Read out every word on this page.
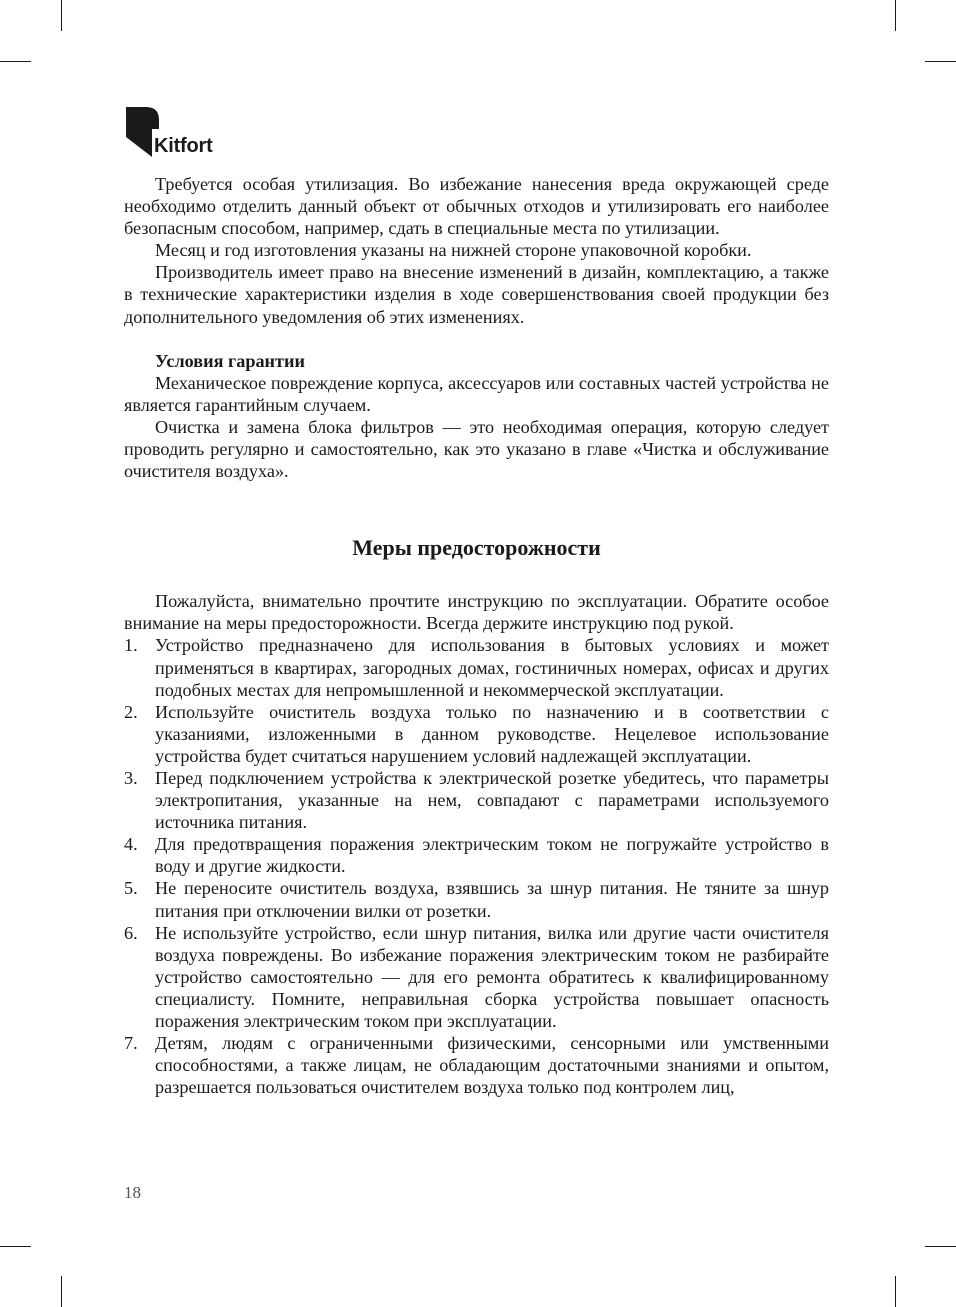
Kitfort

Требуется особая утилизация. Во избежание нанесения вреда окружающей среде необходимо отделить данный объект от обычных отходов и утилизировать его наиболее безопасным способом, например, сдать в специальные места по утилизации.

Месяц и год изготовления указаны на нижней стороне упаковочной коробки.

Производитель имеет право на внесение изменений в дизайн, комплектацию, а также в технические характеристики изделия в ходе совершенствования своей продукции без дополнительного уведомления об этих изменениях.

Условия гарантии

Механическое повреждение корпуса, аксессуаров или составных частей устройства не является гарантийным случаем.

Очистка и замена блока фильтров — это необходимая операция, которую следует проводить регулярно и самостоятельно, как это указано в главе «Чистка и обслуживание очистителя воздуха».

Меры предосторожности

Пожалуйста, внимательно прочтите инструкцию по эксплуатации. Обратите особое внимание на меры предосторожности. Всегда держите инструкцию под рукой.

1. Устройство предназначено для использования в бытовых условиях и может применяться в квартирах, загородных домах, гостиничных номерах, офисах и других подобных местах для непромышленной и некоммерческой эксплуатации.
2. Используйте очиститель воздуха только по назначению и в соответствии с указаниями, изложенными в данном руководстве. Нецелевое использование устройства будет считаться нарушением условий надлежащей эксплуатации.
3. Перед подключением устройства к электрической розетке убедитесь, что параметры электропитания, указанные на нем, совпадают с параметрами используемого источника питания.
4. Для предотвращения поражения электрическим током не погружайте устройство в воду и другие жидкости.
5. Не переносите очиститель воздуха, взявшись за шнур питания. Не тяните за шнур питания при отключении вилки от розетки.
6. Не используйте устройство, если шнур питания, вилка или другие части очистителя воздуха повреждены. Во избежание поражения электрическим током не разбирайте устройство самостоятельно — для его ремонта обратитесь к квалифицированному специалисту. Помните, неправильная сборка устройства повышает опасность поражения электрическим током при эксплуатации.
7. Детям, людям с ограниченными физическими, сенсорными или умственными способностями, а также лицам, не обладающим достаточными знаниями и опытом, разрешается пользоваться очистителем воздуха только под контролем лиц,
18
